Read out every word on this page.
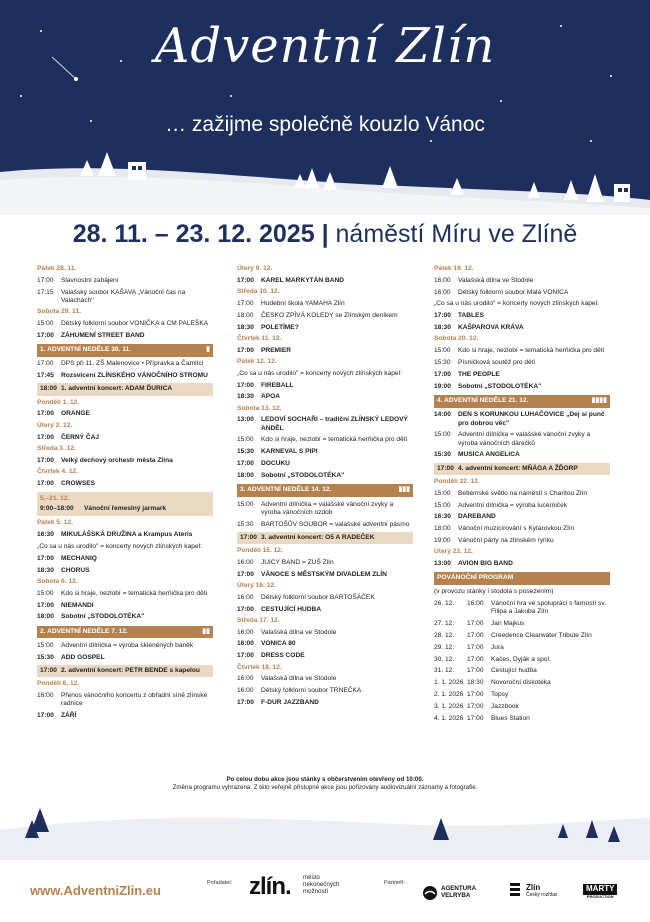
Adventní Zlín
… zažijme společně kouzlo Vánoc
28. 11. – 23. 12. 2025 | náměstí Míru ve Zlíně
Pátek 28. 11.
17:00	Slavnostní zahájení
17:15	Valašský soubor KAŠAVA „Vánoční čas na Valachách"
Sobota 29. 11.
15:00	Dětský folklorní soubor VONIČKA a CM PALEŠKA
17:00	ZÁHUMENÍ STREET BAND
1. ADVENTNÍ NEDĚLE 30. 11.	▮
17:00	DPS při 11. ZŠ Malenovice • Přípravka a Čamlíci
17:45	Rozsvícení ZLÍNSKÉHO VÁNOČNÍHO STROMU
18:00 1. adventní koncert: ADAM ĎURICA
Pondělí 1. 12.
17:00	ORANGE
Úterý 2. 12.
17:00	ČERNÝ ČAJ
Středa 3. 12.
17:00	Velký dechový orchestr města Zlína
Čtvrtek 4. 12.
17:00	CROWSES
5.–21. 12.
9:00–18:00	Vánoční řemeslný jarmark
Pátek 5. 12.
16:30	MIKULÁŠSKÁ DRUŽINA a Krampus Ateris
„Co sa u nás urodilo" = koncerty nových zlínských kapel:
17:00	MECHANIQ
18:30	CHORUS
Sobota 6. 12.
15:00	Kdo si hraje, nezlobí = tematická herňička pro děti
17:00	NIEMANDI
18:00	Sobotní „STODOLOTÉKA"
2. ADVENTNÍ NEDĚLE 7. 12.	▮▮
15:00	Adventní dílnička = výroba skleněných baněk
15:30	ADD GOSPEL
17:00 2. adventní koncert: PETR BENDE s kapelou
Pondělí 8. 12.
16:00	Přenos vánočního koncertu z obřadní síně zlínské radnice
17:00	ZÁŘÍ
Úterý 9. 12.
17:00	KAREL MARKYTÁN BAND
Středa 10. 12.
17:00	Hudební škola YAMAHA Zlín
18:00	ČESKO ZPÍVÁ KOLEDY se Zlínským deníkem
18:30	POLETÍME?
Čtvrtek 11. 12.
17:00	PREMIER
Pátek 12. 12.
„Co sa u nás urodilo" = koncerty nových zlínských kapel:
17:00	FIREBALL
18:30	APOA
Sobota 13. 12.
13:00	LEDOVÍ SOCHAŘI – tradiční ZLÍNSKÝ LEDOVÝ ANDĚL
15:00	Kdo si hraje, nezlobí = tematická herňička pro děti
15:30	KARNEVAL S PIPI
17:00	DOCUKU
18:00	Sobotní „STODOLOTÉKA"
3. ADVENTNÍ NEDĚLE 14. 12.	▮▮▮
15:00	Adventní dílnička = valašské vánoční zvyky a výroba vánočních ozdob
15:30	BARTOŠŮV SOUBOR = valašské adventní pásmo
17:00 3. adventní koncert: O5 A RADEČEK
Pondělí 15. 12.
16:00	JUICY BAND = ZUŠ Zlín
17:00	VÁNOCE S MĚSTSKÝM DIVADLEM ZLÍN
Úterý 16. 12.
16:00	Dětský folklorní soubor BARTOŠÁČEK
17:00	CESTUJÍCÍ HUDBA
Středa 17. 12.
16:00	Valašská dílna ve Stodole
16:00	VONICA 80
17:00	DRESS CODE
Čtvrtek 18. 12.
16:00	Valašská dílna ve Stodole
16:00	Dětský folklorní soubor TRNEČKA
17:00	F-DUR JAZZBAND
Pátek 19. 12.
16:00	Valašská dílna ve Stodole
16:00	Dětský folklorní soubor Malá VONICA
„Co sa u nás urodilo" = koncerty nových zlínských kapel:
17:00	TABLES
18:30	KAŠPAROVA KRÁVA
Sobota 20. 12.
15:00	Kdo si hraje, nezlobí = tematická herňička pro děti
15:30	Písničková soutěž pro děti
17:00	THE PEOPLE
19:00	Sobotní „STODOLOTÉKA"
4. ADVENTNÍ NEDĚLE 21. 12.	▮▮▮▮
14:00	DEN S KORUNKOU LUHAČOVICE „Dej si punč pro dobrou věc"
15:00	Adventní dílnička = valašské vánoční zvyky a výroba vánočních dárečků
15:30	MUSICA ANGELICA
17:00 4. adventní koncert: MŇÁGA A ŽĎORP
Pondělí 22. 12.
15:00	Betlémské světlo na náměstí s Charitou Zlín
15:00	Adventní dílnička = výroba lucerniček
16:30	DAREBAND
18:00	Vánoční muzicírování s Kytarovkou Zlín
19:00	Vánoční párty na zlínském rynku
Úterý 23. 12.
13:00	AVION BIG BAND
POVÁNOČNÍ PROGRAM
(v provozu stánky i stodola s posezením)
26. 12.	16:00	Vánoční hra ve spolupráci s farností sv. Filipa a Jakuba Zlín
27. 12.	17:00	Jan Majkus
28. 12.	17:00	Creedence Clearwater Tribute Zlín
29. 12.	17:00	Jura
30. 12.	17:00	Kačes, Dyják a spol.
31. 12.	17:00	Cestující hudba
1. 1. 2026 18:30	Novoroční diskotéka
2. 1. 2026 17:00	Topsy
3. 1. 2026 17:00	Jazzbook
4. 1. 2026 17:00	Blues Station
Po celou dobu akce jsou stánky s občerstvením otevřeny od 10:00.
Změna programu vyhrazena. Z této veřejně přístupné akce jsou pořizovány audiovizuální záznamy a fotografie.
www.AdventniZlin.eu	Pořadatel: zlín. město
nekonečných
možností
Partneři:
AGENTURA
VELRYBA
Zlín
Český rozhlas
MARTY
PRODUCTION
